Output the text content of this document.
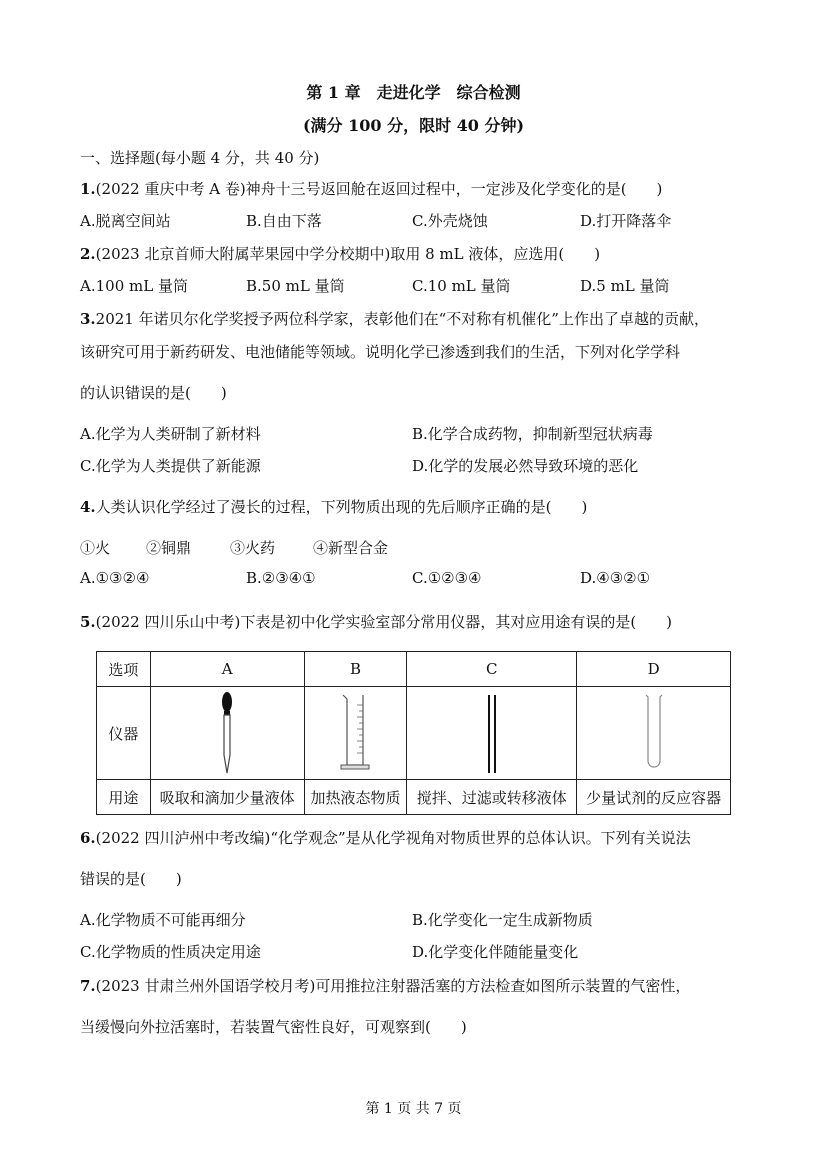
第 1 章　走进化学　综合检测
(满分 100 分，限时 40 分钟)
一、选择题(每小题 4 分，共 40 分)
1.(2022 重庆中考 A 卷)神舟十三号返回舱在返回过程中，一定涉及化学变化的是(　　)
A.脱离空间站	B.自由下落	C.外壳烧蚀	D.打开降落伞
2.(2023 北京首师大附属苹果园中学分校期中)取用 8 mL 液体，应选用(　　)
A.100 mL 量筒	B.50 mL 量筒	C.10 mL 量筒	D.5 mL 量筒
3.2021 年诺贝尔化学奖授予两位科学家，表彰他们在“不对称有机催化”上作出了卓越的贡献，
该研究可用于新药研发、电池储能等领域。说明化学已渗透到我们的生活，下列对化学学科
的认识错误的是(　　)
A.化学为人类研制了新材料	B.化学合成药物，抑制新型冠状病毒
C.化学为人类提供了新能源	D.化学的发展必然导致环境的恶化
4.人类认识化学经过了漫长的过程，下列物质出现的先后顺序正确的是(　　)
①火 ②铜鼎	③火药	④新型合金
A.①③②④	B.②③④①	C.①②③④	D.④③②①
5.(2022 四川乐山中考)下表是初中化学实验室部分常用仪器，其对应用途有误的是(　　)
选项	A	B	C	D
仪器	

用途	吸取和滴加少量液体	加热液态物质	搅拌、过滤或转移液体	少量试剂的反应容器
6.(2022 四川泸州中考改编)“化学观念”是从化学视角对物质世界的总体认识。下列有关说法
错误的是(　　)
A.化学物质不可能再细分	B.化学变化一定生成新物质
C.化学物质的性质决定用途	D.化学变化伴随能量变化
7.(2023 甘肃兰州外国语学校月考)可用推拉注射器活塞的方法检查如图所示装置的气密性，
当缓慢向外拉活塞时，若装置气密性良好，可观察到(　　)
第 1 页 共 7 页
